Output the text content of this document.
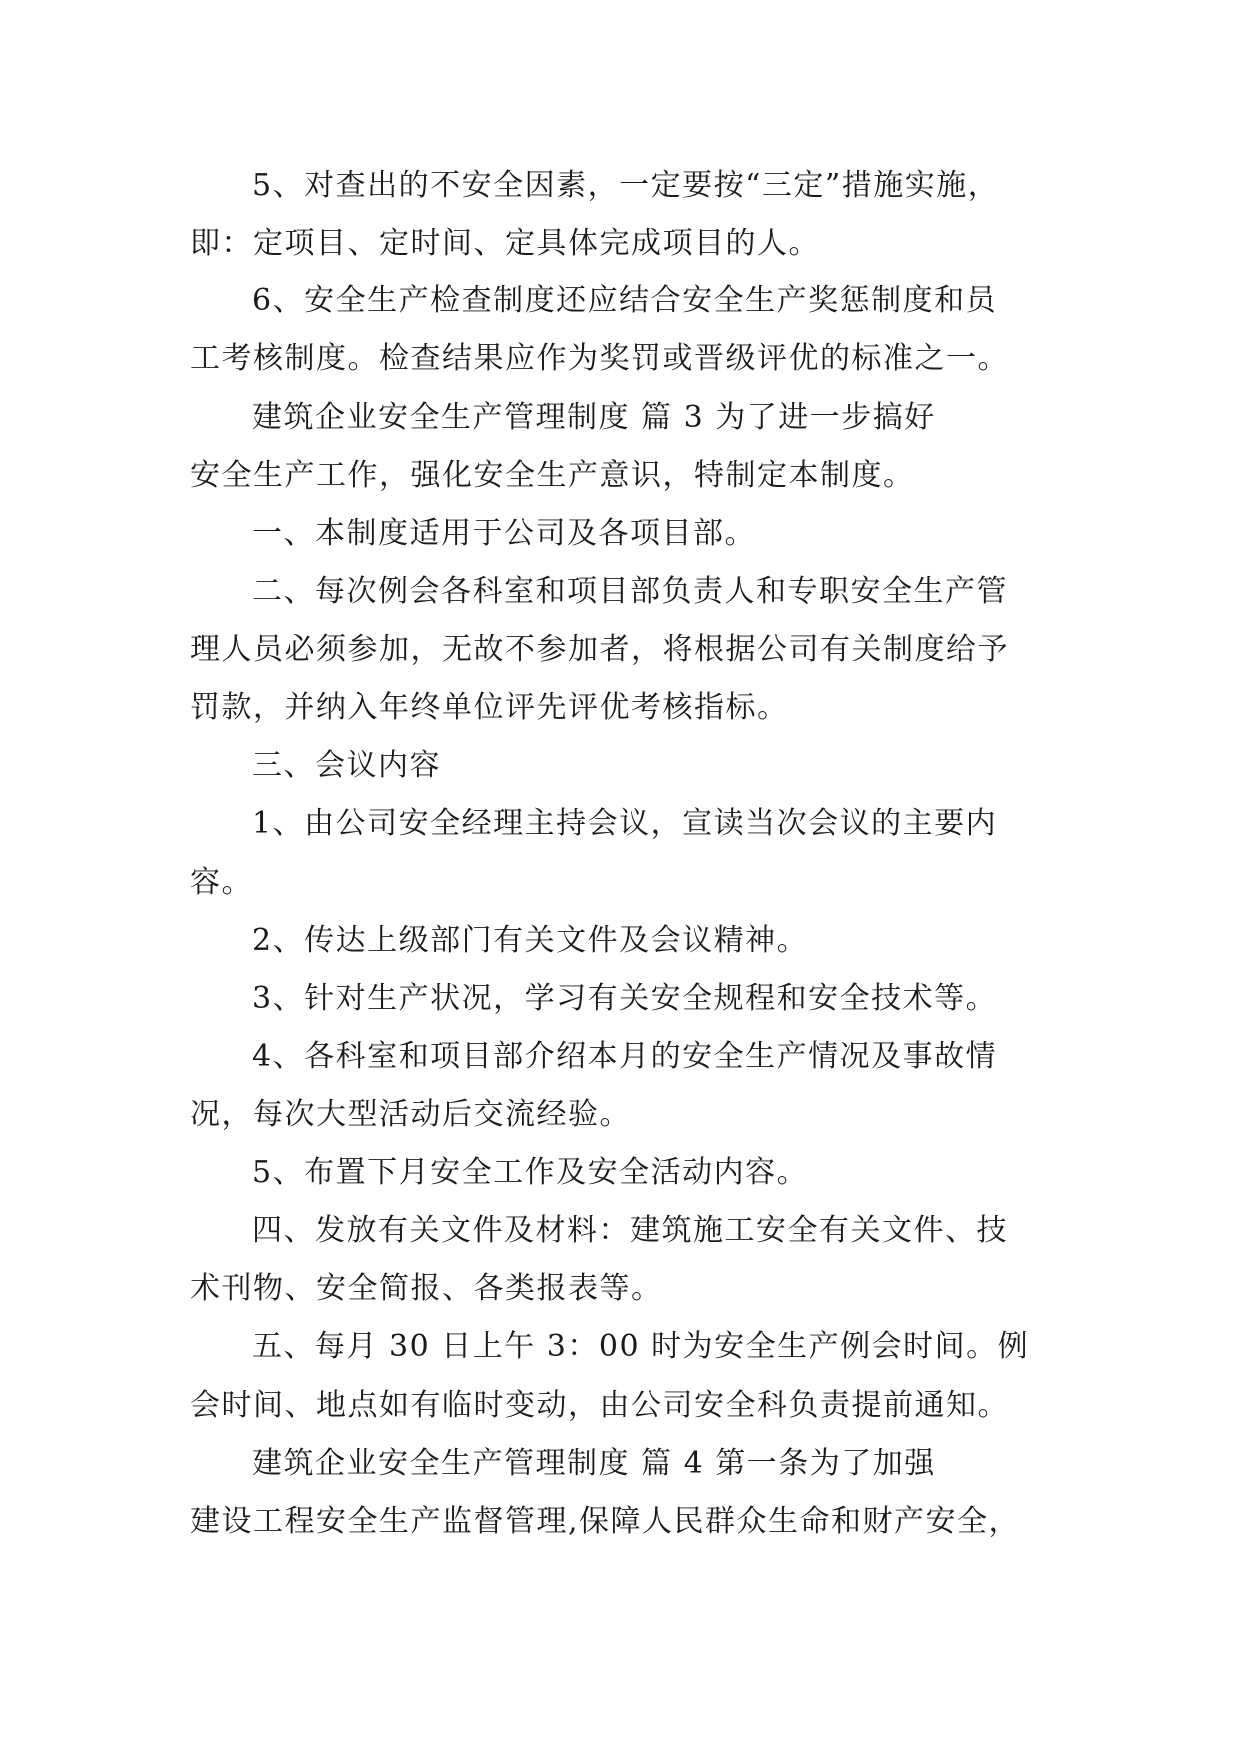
5、对查出的不安全因素，一定要按“三定”措施实施，
即：定项目、定时间、定具体完成项目的人。
6、安全生产检查制度还应结合安全生产奖惩制度和员
工考核制度。检查结果应作为奖罚或晋级评优的标准之一。
建筑企业安全生产管理制度 篇 3 为了进一步搞好
安全生产工作，强化安全生产意识，特制定本制度。
一、本制度适用于公司及各项目部。
二、每次例会各科室和项目部负责人和专职安全生产管
理人员必须参加，无故不参加者，将根据公司有关制度给予
罚款，并纳入年终单位评先评优考核指标。
三、会议内容
1、由公司安全经理主持会议，宣读当次会议的主要内
容。
2、传达上级部门有关文件及会议精神。
3、针对生产状况，学习有关安全规程和安全技术等。
4、各科室和项目部介绍本月的安全生产情况及事故情
况，每次大型活动后交流经验。
5、布置下月安全工作及安全活动内容。
四、发放有关文件及材料：建筑施工安全有关文件、技
术刊物、安全简报、各类报表等。
五、每月 30 日上午 3：00 时为安全生产例会时间。例
会时间、地点如有临时变动，由公司安全科负责提前通知。
建筑企业安全生产管理制度 篇 4 第一条为了加强
建设工程安全生产监督管理,保障人民群众生命和财产安全，
